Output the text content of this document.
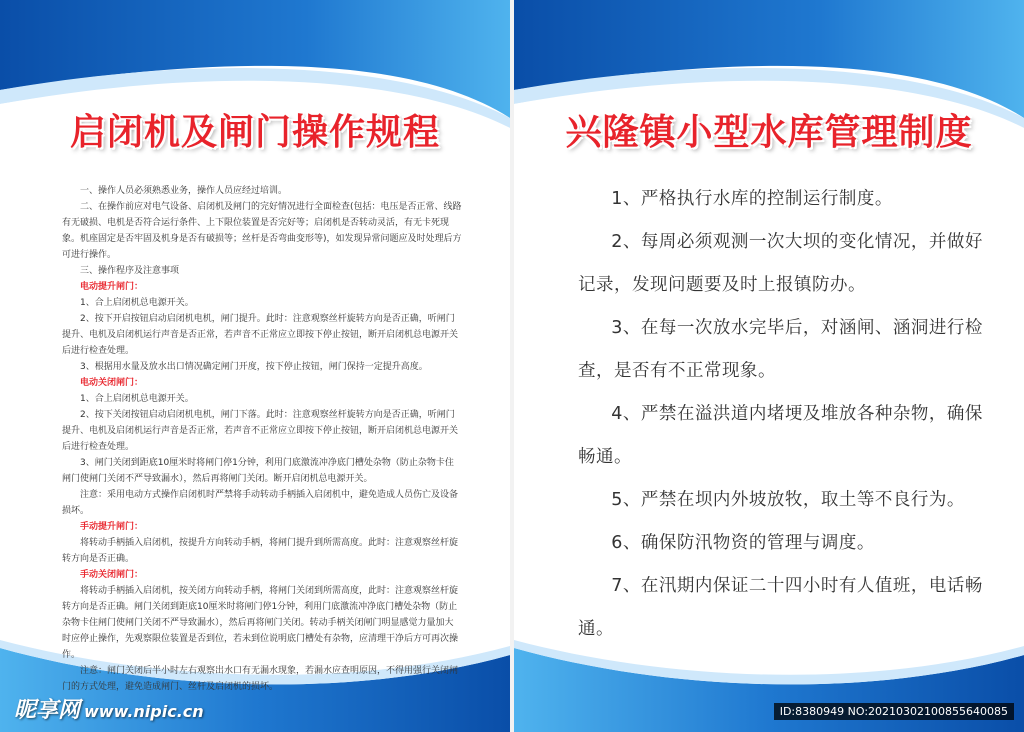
启闭机及闸门操作规程

一、操作人员必须熟悉业务，操作人员应经过培训。

二、在操作前应对电气设备、启闭机及闸门的完好情况进行全面检查(包括：电压是否正常、线路有无破损、电机是否符合运行条件、上下限位装置是否完好等；启闭机是否转动灵活，有无卡死现象。机座固定是否牢固及机身是否有破损等；丝杆是否弯曲变形等)，如发现异常问题应及时处理后方可进行操作。

三、操作程序及注意事项

电动提升闸门：

1、合上启闭机总电源开关。

2、按下开启按钮启动启闭机电机，闸门提升。此时：注意观察丝杆旋转方向是否正确，听闸门提升、电机及启闭机运行声音是否正常，若声音不正常应立即按下停止按钮，断开启闭机总电源开关后进行检查处理。

3、根据用水量及放水出口情况确定闸门开度，按下停止按钮，闸门保持一定提升高度。

电动关闭闸门：

1、合上启闭机总电源开关。

2、按下关闭按钮启动启闭机电机，闸门下落。此时：注意观察丝杆旋转方向是否正确，听闸门提升、电机及启闭机运行声音是否正常，若声音不正常应立即按下停止按钮，断开启闭机总电源开关后进行检查处理。

3、闸门关闭到距底10厘米时将闸门停1分钟，利用门底激流冲净底门槽处杂物（防止杂物卡住闸门使闸门关闭不严导致漏水），然后再将闸门关闭。断开启闭机总电源开关。

注意：采用电动方式操作启闭机时严禁将手动转动手柄插入启闭机中，避免造成人员伤亡及设备损坏。

手动提升闸门：

将转动手柄插入启闭机，按提升方向转动手柄，将闸门提升到所需高度。此时：注意观察丝杆旋转方向是否正确。

手动关闭闸门：

将转动手柄插入启闭机，按关闭方向转动手柄，将闸门关闭到所需高度，此时：注意观察丝杆旋转方向是否正确。闸门关闭到距底10厘米时将闸门停1分钟，利用门底激流冲净底门槽处杂物（防止杂物卡住闸门使闸门关闭不严导致漏水），然后再将闸门关闭。转动手柄关闭闸门明显感觉力量加大时应停止操作，先观察限位装置是否到位，若未到位说明底门槽处有杂物，应清理干净后方可再次操作。

注意：闸门关闭后半小时左右观察出水口有无漏水现象，若漏水应查明原因，不得用强行关闭闸门的方式处理，避免造成闸门、丝杆及启闭机的损坏。

昵享网 www.nipic.cn
兴隆镇小型水库管理制度

1、严格执行水库的控制运行制度。

2、每周必须观测一次大坝的变化情况，并做好记录，发现问题要及时上报镇防办。

3、在每一次放水完毕后，对涵闸、涵洞进行检查，是否有不正常现象。

4、严禁在溢洪道内堵埂及堆放各种杂物，确保畅通。

5、严禁在坝内外坡放牧，取土等不良行为。

6、确保防汛物资的管理与调度。

7、在汛期内保证二十四小时有人值班，电话畅通。

ID:8380949 NO:20210302100855640085
